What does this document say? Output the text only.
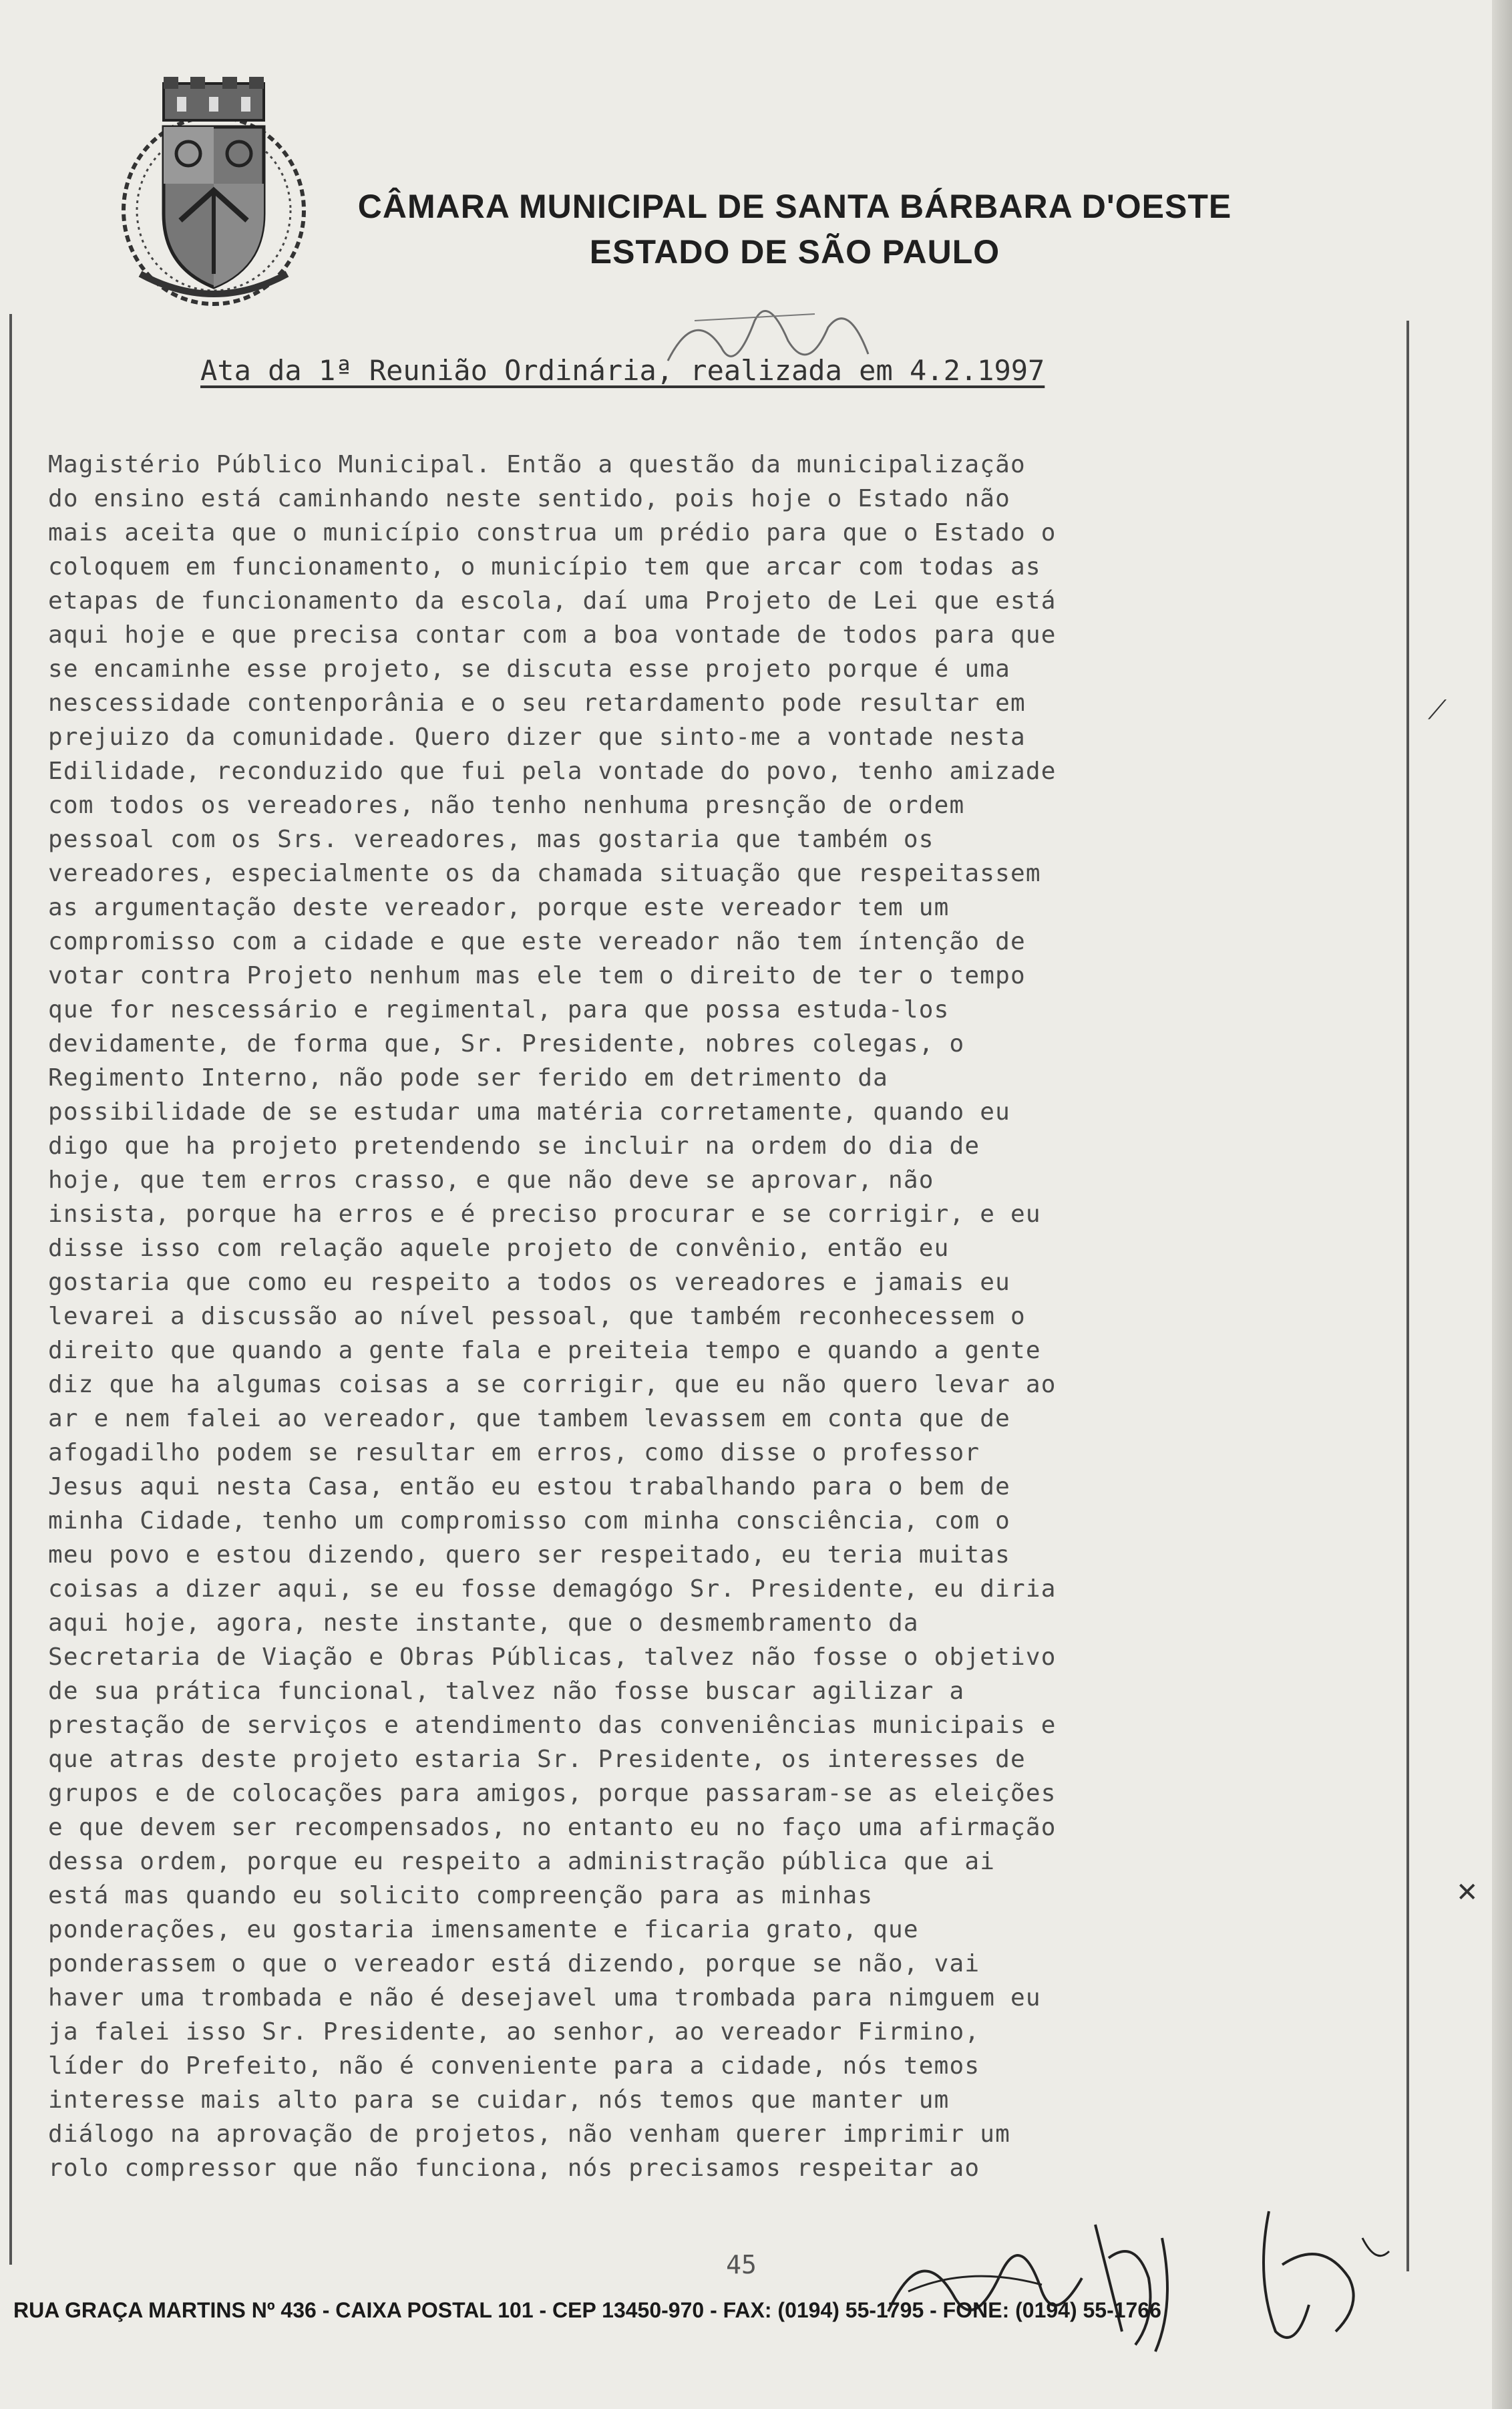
CÂMARA MUNICIPAL DE SANTA BÁRBARA D'OESTE
ESTADO DE SÃO PAULO
Ata da 1ª Reunião Ordinária, realizada em 4.2.1997
Magistério Público Municipal. Então a questão da municipalização
do ensino está caminhando neste sentido, pois hoje o Estado não
mais aceita que o município construa um prédio para que o Estado o
coloquem em funcionamento, o município tem que arcar com todas as
etapas de funcionamento da escola, daí uma Projeto de Lei que está
aqui hoje e que precisa contar com a boa vontade de todos para que
se encaminhe esse projeto, se discuta esse projeto porque é uma
nescessidade contenporânia e o seu retardamento pode resultar em
prejuizo da comunidade. Quero dizer que sinto-me a vontade nesta
Edilidade, reconduzido que fui pela vontade do povo, tenho amizade
com todos os vereadores, não tenho nenhuma presnção de ordem
pessoal com os Srs. vereadores, mas gostaria que também os
vereadores, especialmente os da chamada situação que respeitassem
as argumentação deste vereador, porque este vereador tem um
compromisso com a cidade e que este vereador não tem íntenção de
votar contra Projeto nenhum mas ele tem o direito de ter o tempo
que for nescessário e regimental, para que possa estuda-los
devidamente, de forma que, Sr. Presidente, nobres colegas, o
Regimento Interno, não pode ser ferido em detrimento da
possibilidade de se estudar uma matéria corretamente, quando eu
digo que ha projeto pretendendo se incluir na ordem do dia de
hoje, que tem erros crasso, e que não deve se aprovar, não
insista, porque ha erros e é preciso procurar e se corrigir, e eu
disse isso com relação aquele projeto de convênio, então eu
gostaria que como eu respeito a todos os vereadores e jamais eu
levarei a discussão ao nível pessoal, que também reconhecessem o
direito que quando a gente fala e preiteia tempo e quando a gente
diz que ha algumas coisas a se corrigir, que eu não quero levar ao
ar e nem falei ao vereador, que tambem levassem em conta que de
afogadilho podem se resultar em erros, como disse o professor
Jesus aqui nesta Casa, então eu estou trabalhando para o bem de
minha Cidade, tenho um compromisso com minha consciência, com o
meu povo e estou dizendo, quero ser respeitado, eu teria muitas
coisas a dizer aqui, se eu fosse demagógo Sr. Presidente, eu diria
aqui hoje, agora, neste instante, que o desmembramento da
Secretaria de Viação e Obras Públicas, talvez não fosse o objetivo
de sua prática funcional, talvez não fosse buscar agilizar a
prestação de serviços e atendimento das conveniências municipais e
que atras deste projeto estaria Sr. Presidente, os interesses de
grupos e de colocações para amigos, porque passaram-se as eleições
e que devem ser recompensados, no entanto eu no faço uma afirmação
dessa ordem, porque eu respeito a administração pública que ai
está mas quando eu solicito compreenção para as minhas
ponderações, eu gostaria imensamente e ficaria grato, que
ponderassem o que o vereador está dizendo, porque se não, vai
haver uma trombada e não é desejavel uma trombada para nimguem eu
ja falei isso Sr. Presidente, ao senhor, ao vereador Firmino,
líder do Prefeito, não é conveniente para a cidade, nós temos
interesse mais alto para se cuidar, nós temos que manter um
diálogo na aprovação de projetos, não venham querer imprimir um
rolo compressor que não funciona, nós precisamos respeitar ao
⟋
✕
45
RUA GRAÇA MARTINS Nº 436 - CAIXA POSTAL 101 - CEP 13450-970 - FAX: (0194) 55-1795 - FONE: (0194) 55-1766
